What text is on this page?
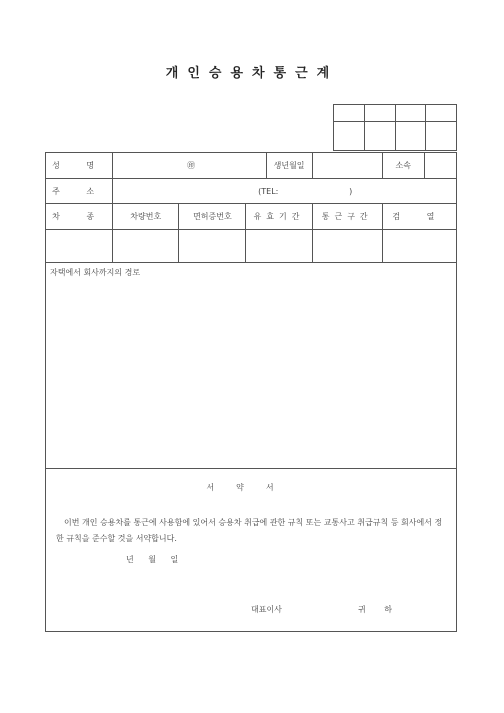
개인승용차통근계

성 명	㊞			생년월일		소속

주 소	(TEL: )					

차 종	차량번호	면허증번호	유효기간		통근구간	검 열

자택에서 회사까지의 경로						

서약서
이번 개인 승용차를 통근에 사용함에 있어서 승용차 취급에 관한 규칙 또는 교통사고 취급규칙 등 회사에서 정한 규칙을 준수할 것을 서약합니다.
년 월 일
대표이사 귀 하						
